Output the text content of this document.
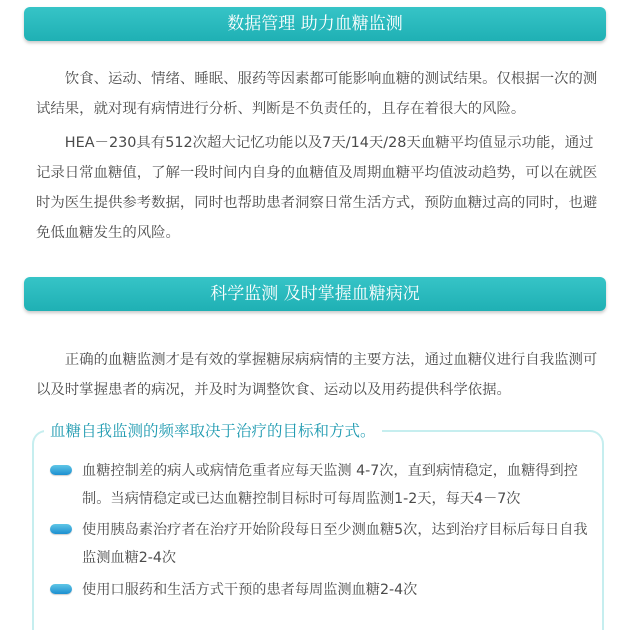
数据管理 助力血糖监测

饮食、运动、情绪、睡眠、服药等因素都可能影响血糖的测试结果。仅根据一次的测试结果，就对现有病情进行分析、判断是不负责任的，且存在着很大的风险。

HEA－230具有512次超大记忆功能以及7天/14天/28天血糖平均值显示功能，通过记录日常血糖值，了解一段时间内自身的血糖值及周期血糖平均值波动趋势，可以在就医时为医生提供参考数据，同时也帮助患者洞察日常生活方式，预防血糖过高的同时，也避免低血糖发生的风险。

科学监测 及时掌握血糖病况

正确的血糖监测才是有效的掌握糖尿病病情的主要方法，通过血糖仪进行自我监测可以及时掌握患者的病况，并及时为调整饮食、运动以及用药提供科学依据。

血糖自我监测的频率取决于治疗的目标和方式。

血糖控制差的病人或病情危重者应每天监测 4-7次，直到病情稳定，血糖得到控制。当病情稳定或已达血糖控制目标时可每周监测1-2天，每天4－7次

使用胰岛素治疗者在治疗开始阶段每日至少测血糖5次，达到治疗目标后每日自我监测血糖2-4次

使用口服药和生活方式干预的患者每周监测血糖2-4次
